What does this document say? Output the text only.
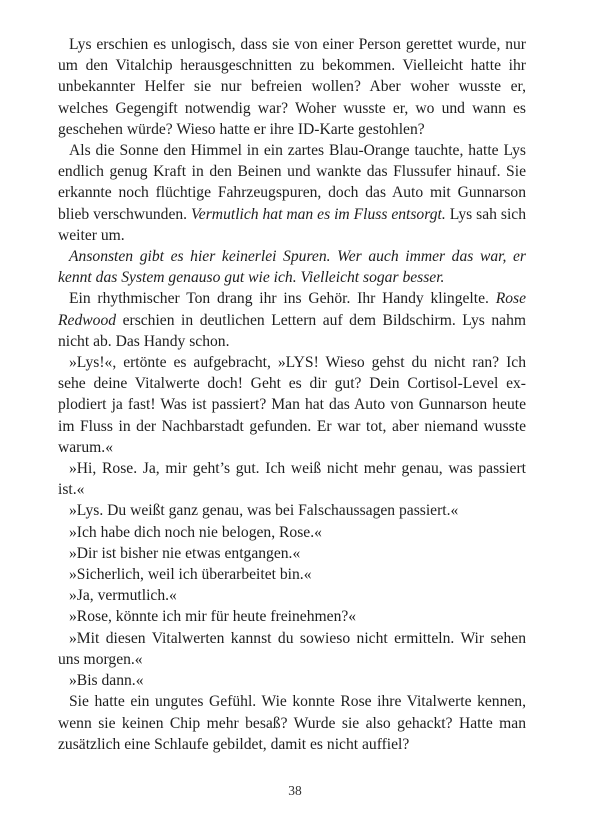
Lys erschien es unlogisch, dass sie von einer Person gerettet wurde, nur um den Vitalchip herausgeschnitten zu bekommen. Vielleicht hatte ihr unbekannter Helfer sie nur befreien wollen? Aber woher wusste er, welches Gegengift notwendig war? Woher wusste er, wo und wann es geschehen würde? Wieso hatte er ihre ID-Karte gestohlen?

Als die Sonne den Himmel in ein zartes Blau-Orange tauchte, hatte Lys endlich genug Kraft in den Beinen und wankte das Flussufer hinauf. Sie erkannte noch flüchtige Fahrzeugspuren, doch das Auto mit Gunnarson blieb verschwunden. Vermutlich hat man es im Fluss entsorgt. Lys sah sich weiter um.

Ansonsten gibt es hier keinerlei Spuren. Wer auch immer das war, er kennt das System genauso gut wie ich. Vielleicht sogar besser.

Ein rhythmischer Ton drang ihr ins Gehör. Ihr Handy klingelte. Rose Redwood erschien in deutlichen Lettern auf dem Bildschirm. Lys nahm nicht ab. Das Handy schon.

»Lys!«, ertönte es aufgebracht, »LYS! Wieso gehst du nicht ran? Ich sehe deine Vitalwerte doch! Geht es dir gut? Dein Cortisol-Level explodiert ja fast! Was ist passiert? Man hat das Auto von Gunnarson heute im Fluss in der Nachbarstadt gefunden. Er war tot, aber niemand wusste warum.«

»Hi, Rose. Ja, mir geht’s gut. Ich weiß nicht mehr genau, was passiert ist.«

»Lys. Du weißt ganz genau, was bei Falschaussagen passiert.«

»Ich habe dich noch nie belogen, Rose.«

»Dir ist bisher nie etwas entgangen.«

»Sicherlich, weil ich überarbeitet bin.«

»Ja, vermutlich.«

»Rose, könnte ich mir für heute freinehmen?«

»Mit diesen Vitalwerten kannst du sowieso nicht ermitteln. Wir sehen uns morgen.«

»Bis dann.«

Sie hatte ein ungutes Gefühl. Wie konnte Rose ihre Vitalwerte kennen, wenn sie keinen Chip mehr besaß? Wurde sie also gehackt? Hatte man zusätzlich eine Schlaufe gebildet, damit es nicht auffiel?

38
